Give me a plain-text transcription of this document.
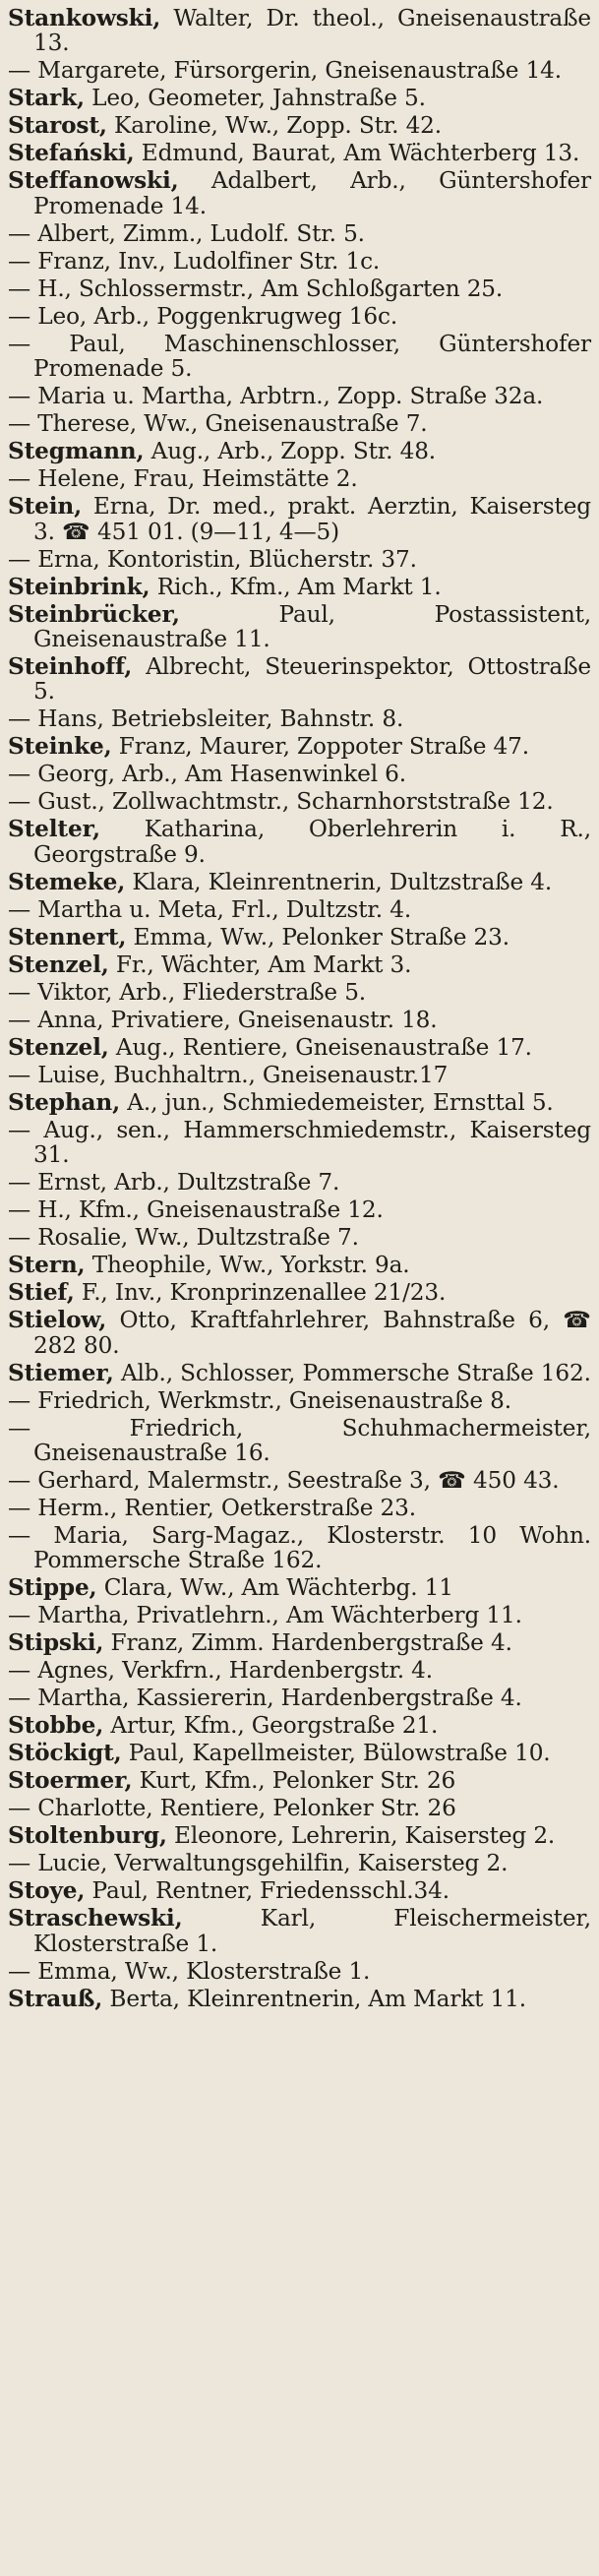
Stankowski, Walter, Dr. theol., Gneisenaustraße 13.
— Margarete, Fürsorgerin, Gneisenaustraße 14.
Stark, Leo, Geometer, Jahnstraße 5.
Starost, Karoline, Ww., Zopp. Str. 42.
Stefański, Edmund, Baurat, Am Wächterberg 13.
Steffanowski, Adalbert, Arb., Güntershofer Promenade 14.
— Albert, Zimm., Ludolf. Str. 5.
— Franz, Inv., Ludolfiner Str. 1c.
— H., Schlossermstr., Am Schloßgarten 25.
— Leo, Arb., Poggenkrugweg 16c.
— Paul, Maschinenschlosser, Güntershofer Promenade 5.
— Maria u. Martha, Arbtrn., Zopp. Straße 32a.
— Therese, Ww., Gneisenaustraße 7.
Stegmann, Aug., Arb., Zopp. Str. 48.
— Helene, Frau, Heimstätte 2.
Stein, Erna, Dr. med., prakt. Aerztin, Kaisersteg 3. ☎ 451 01. (9—11, 4—5)
— Erna, Kontoristin, Blücherstr. 37.
Steinbrink, Rich., Kfm., Am Markt 1.
Steinbrücker, Paul, Postassistent, Gneisenaustraße 11.
Steinhoff, Albrecht, Steuerinspektor, Ottostraße 5.
— Hans, Betriebsleiter, Bahnstr. 8.
Steinke, Franz, Maurer, Zoppoter Straße 47.
— Georg, Arb., Am Hasenwinkel 6.
— Gust., Zollwachtmstr., Scharnhorststraße 12.
Stelter, Katharina, Oberlehrerin i. R., Georgstraße 9.
Stemeke, Klara, Kleinrentnerin, Dultzstraße 4.
— Martha u. Meta, Frl., Dultzstr. 4.
Stennert, Emma, Ww., Pelonker Straße 23.
Stenzel, Fr., Wächter, Am Markt 3.
— Viktor, Arb., Fliederstraße 5.
— Anna, Privatiere, Gneisenaustr. 18.
Stenzel, Aug., Rentiere, Gneisenaustraße 17.
— Luise, Buchhaltrn., Gneisenaustr.17
Stephan, A., jun., Schmiedemeister, Ernsttal 5.
— Aug., sen., Hammerschmiedemstr., Kaisersteg 31.
— Ernst, Arb., Dultzstraße 7.
— H., Kfm., Gneisenaustraße 12.
— Rosalie, Ww., Dultzstraße 7.
Stern, Theophile, Ww., Yorkstr. 9a.
Stief, F., Inv., Kronprinzenallee 21/23.
Stielow, Otto, Kraftfahrlehrer, Bahnstraße 6, ☎ 282 80.
Stiemer, Alb., Schlosser, Pommersche Straße 162.
— Friedrich, Werkmstr., Gneisenaustraße 8.
— Friedrich, Schuhmachermeister, Gneisenaustraße 16.
— Gerhard, Malermstr., Seestraße 3, ☎ 450 43.
— Herm., Rentier, Oetkerstraße 23.
— Maria, Sarg-Magaz., Klosterstr. 10 Wohn. Pommersche Straße 162.
Stippe, Clara, Ww., Am Wächterbg. 11
— Martha, Privatlehrn., Am Wächterberg 11.
Stipski, Franz, Zimm. Hardenbergstraße 4.
— Agnes, Verkfrn., Hardenbergstr. 4.
— Martha, Kassiererin, Hardenbergstraße 4.
Stobbe, Artur, Kfm., Georgstraße 21.
Stöckigt, Paul, Kapellmeister, Bülowstraße 10.
Stoermer, Kurt, Kfm., Pelonker Str. 26
— Charlotte, Rentiere, Pelonker Str. 26
Stoltenburg, Eleonore, Lehrerin, Kaisersteg 2.
— Lucie, Verwaltungsgehilfin, Kaisersteg 2.
Stoye, Paul, Rentner, Friedensschl.34.
Straschewski, Karl, Fleischermeister, Klosterstraße 1.
— Emma, Ww., Klosterstraße 1.
Strauß, Berta, Kleinrentnerin, Am Markt 11.
